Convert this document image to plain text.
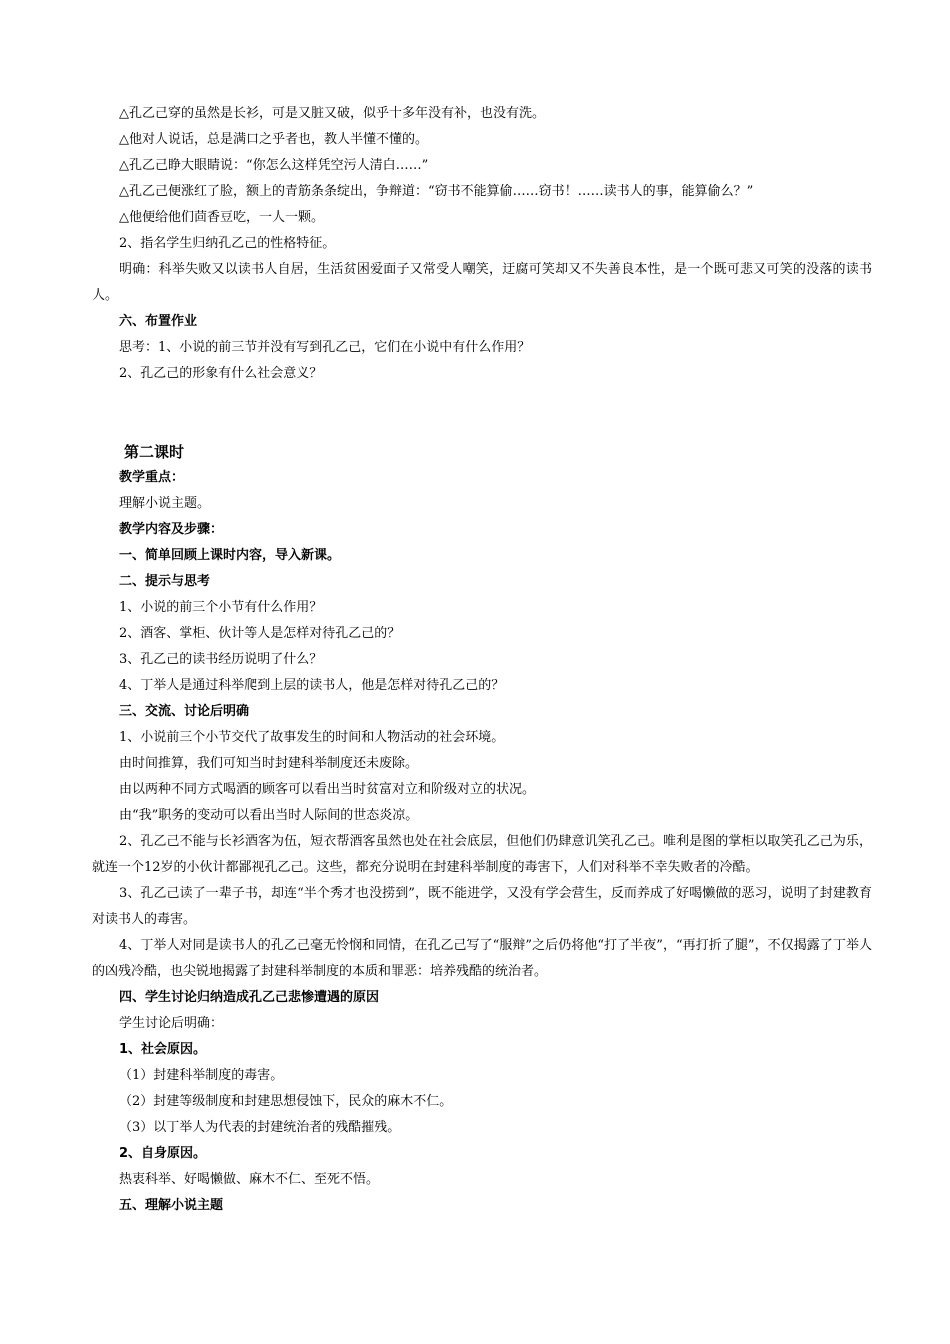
△孔乙己穿的虽然是长衫，可是又脏又破，似乎十多年没有补，也没有洗。
△他对人说话，总是满口之乎者也，教人半懂不懂的。
△孔乙己睁大眼睛说：“你怎么这样凭空污人清白……”
△孔乙己便涨红了脸，额上的青筋条条绽出，争辩道：“窃书不能算偷……窃书！……读书人的事，能算偷么？”
△他便给他们茴香豆吃，一人一颗。
2、指名学生归纳孔乙己的性格特征。
明确：科举失败又以读书人自居，生活贫困爱面子又常受人嘲笑，迂腐可笑却又不失善良本性，是一个既可悲又可笑的没落的读书人。
六、布置作业
思考：1、小说的前三节并没有写到孔乙己，它们在小说中有什么作用？
2、孔乙己的形象有什么社会意义？
第二课时
教学重点：
理解小说主题。
教学内容及步骤：
一、简单回顾上课时内容，导入新课。
二、提示与思考
1、小说的前三个小节有什么作用？
2、酒客、掌柜、伙计等人是怎样对待孔乙己的？
3、孔乙己的读书经历说明了什么？
4、丁举人是通过科举爬到上层的读书人，他是怎样对待孔乙己的？
三、交流、讨论后明确
1、小说前三个小节交代了故事发生的时间和人物活动的社会环境。
由时间推算，我们可知当时封建科举制度还未废除。
由以两种不同方式喝酒的顾客可以看出当时贫富对立和阶级对立的状况。
由“我”职务的变动可以看出当时人际间的世态炎凉。
2、孔乙己不能与长衫酒客为伍，短衣帮酒客虽然也处在社会底层，但他们仍肆意讥笑孔乙己。唯利是图的掌柜以取笑孔乙己为乐，就连一个12岁的小伙计都鄙视孔乙己。这些，都充分说明在封建科举制度的毒害下，人们对科举不幸失败者的冷酷。
3、孔乙己读了一辈子书，却连“半个秀才也没捞到”，既不能进学，又没有学会营生，反而养成了好喝懒做的恶习，说明了封建教育对读书人的毒害。
4、丁举人对同是读书人的孔乙己毫无怜悯和同情，在孔乙己写了“服辩”之后仍将他“打了半夜”，“再打折了腿”，不仅揭露了丁举人的凶残冷酷，也尖锐地揭露了封建科举制度的本质和罪恶：培养残酷的统治者。
四、学生讨论归纳造成孔乙己悲惨遭遇的原因
学生讨论后明确：
1、社会原因。
（1）封建科举制度的毒害。
（2）封建等级制度和封建思想侵蚀下，民众的麻木不仁。
（3）以丁举人为代表的封建统治者的残酷摧残。
2、自身原因。
热衷科举、好喝懒做、麻木不仁、至死不悟。
五、理解小说主题
